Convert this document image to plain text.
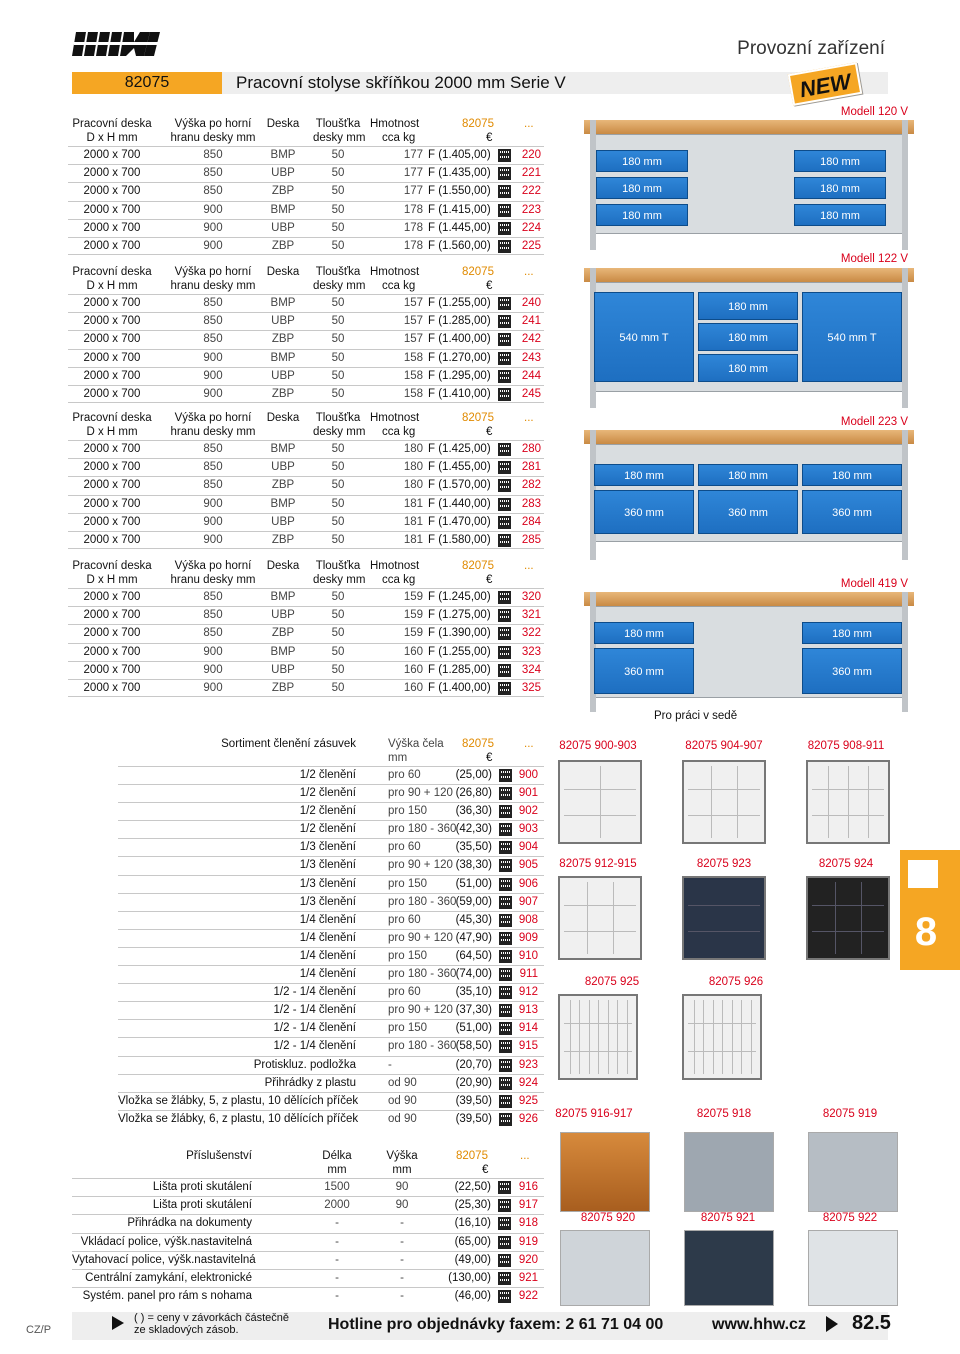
Provozní zařízení
82075	Pracovní stolyse skříňkou 2000 mm Serie V	NEW
Pracovní deska
D x H mm
Výška po horní
hranu desky mm
Deska	Tloušťka
desky mm
Hmotnost
cca kg
82075
€
...
2000 x 700	850	BMP	50	177 F (1.405,00)	220
2000 x 700	850	UBP	50	177 F (1.435,00)	221
2000 x 700	850	ZBP	50	177 F (1.550,00)	222
2000 x 700	900	BMP	50	178 F (1.415,00)	223
2000 x 700	900	UBP	50	178 F (1.445,00)	224
2000 x 700	900	ZBP	50	178 F (1.560,00)	225
Pracovní deska
D x H mm
Výška po horní
hranu desky mm
Deska	Tloušťka
desky mm
Hmotnost
cca kg
82075
€
...
2000 x 700	850	BMP	50	157 F (1.255,00)	240
2000 x 700	850	UBP	50	157 F (1.285,00)	241
2000 x 700	850	ZBP	50	157 F (1.400,00)	242
2000 x 700	900	BMP	50	158 F (1.270,00)	243
2000 x 700	900	UBP	50	158 F (1.295,00)	244
2000 x 700	900	ZBP	50	158 F (1.410,00)	245
Pracovní deska
D x H mm
Výška po horní
hranu desky mm
Deska	Tloušťka
desky mm
Hmotnost
cca kg
82075
€
...
2000 x 700	850	BMP	50	180 F (1.425,00)	280
2000 x 700	850	UBP	50	180 F (1.455,00)	281
2000 x 700	850	ZBP	50	180 F (1.570,00)	282
2000 x 700	900	BMP	50	181 F (1.440,00)	283
2000 x 700	900	UBP	50	181 F (1.470,00)	284
2000 x 700	900	ZBP	50	181 F (1.580,00)	285
Pracovní deska
D x H mm
Výška po horní
hranu desky mm
Deska	Tloušťka
desky mm
Hmotnost
cca kg
82075
€
...
2000 x 700	850	BMP	50	159 F (1.245,00)	320
2000 x 700	850	UBP	50	159 F (1.275,00)	321
2000 x 700	850	ZBP	50	159 F (1.390,00)	322
2000 x 700	900	BMP	50	160 F (1.255,00)	323
2000 x 700	900	UBP	50	160 F (1.285,00)	324
2000 x 700	900	ZBP	50	160 F (1.400,00)	325
Modell 120 V
180 mm
180 mm
180 mm
180 mm
180 mm
180 mm
Modell 122 V
540 mm T
180 mm
180 mm
180 mm
540 mm T
Modell 223 V
180 mm	180 mm
180 mm
360 mm	360 mm	360 mm
Modell 419 V
180 mm	180 mm
360 mm	360 mm
Pro práci v sedě
Sortiment členění zásuvek	Výška čela
mm
82075	...
€
1/2 členění	pro 60	(25,00) 900
1/2 členění	pro 90 + 120 (26,80) 901
1/2 členění	pro 150	(36,30) 902
1/2 členění	pro 180 - 360 (42,30) 903
1/3 členění	pro 60	(35,50) 904
1/3 členění	pro 90 + 120 (38,30) 905
1/3 členění	pro 150	(51,00) 906
1/3 členění	pro 180 - 360 (59,00) 907
1/4 členění	pro 60	(45,30) 908
1/4 členění	pro 90 + 120 (47,90) 909
1/4 členění	pro 150	(64,50) 910
1/4 členění	pro 180 - 360 (74,00)	911
1/2 - 1/4 členění	pro 60	(35,10) 912
1/2 - 1/4 členění	pro 90 + 120 (37,30) 913
1/2 - 1/4 členění	pro 150	(51,00) 914
1/2 - 1/4 členění	pro 180 - 360 (58,50) 915
Protiskluz. podložka	-	(20,70) 923
Přihrádky z plastu	od 90	(20,90) 924
Vložka se žlábky, 5, z plastu, 10 dělících příček	od 90	(39,50) 925
Vložka se žlábky, 6, z plastu, 10 dělících příček	od 90	(39,50) 926
82075 900-903	82075 904-907	82075 908-911
82075 912-915	82075 923	82075 924
82075 925	82075 926
82075 916-917	82075 918	82075 919
Příslušenství	Délka
mm
Výška
mm
82075	...
€
Lišta proti skutálení	1500	90	(22,50) 916
Lišta proti skutálení	2000	90	(25,30) 917
Přihrádka na dokumenty	-	-	(16,10) 918
Vkládací police, výšk.nastavitelná	-	-	(65,00) 919
Vytahovací police, výšk.nastavitelná	-	-	(49,00) 920
Centrální zamykání, elektronické	-	-	(130,00) 921
Systém. panel pro rám s nohama	-	-	(46,00) 922
82075 920	82075 921	82075 922
8
CZ/P
( ) = ceny v závorkách částečně
ze skladových zásob.	Hotline pro objednávky faxem: 2 61 71 04 00	www.hhw.cz 82.5
